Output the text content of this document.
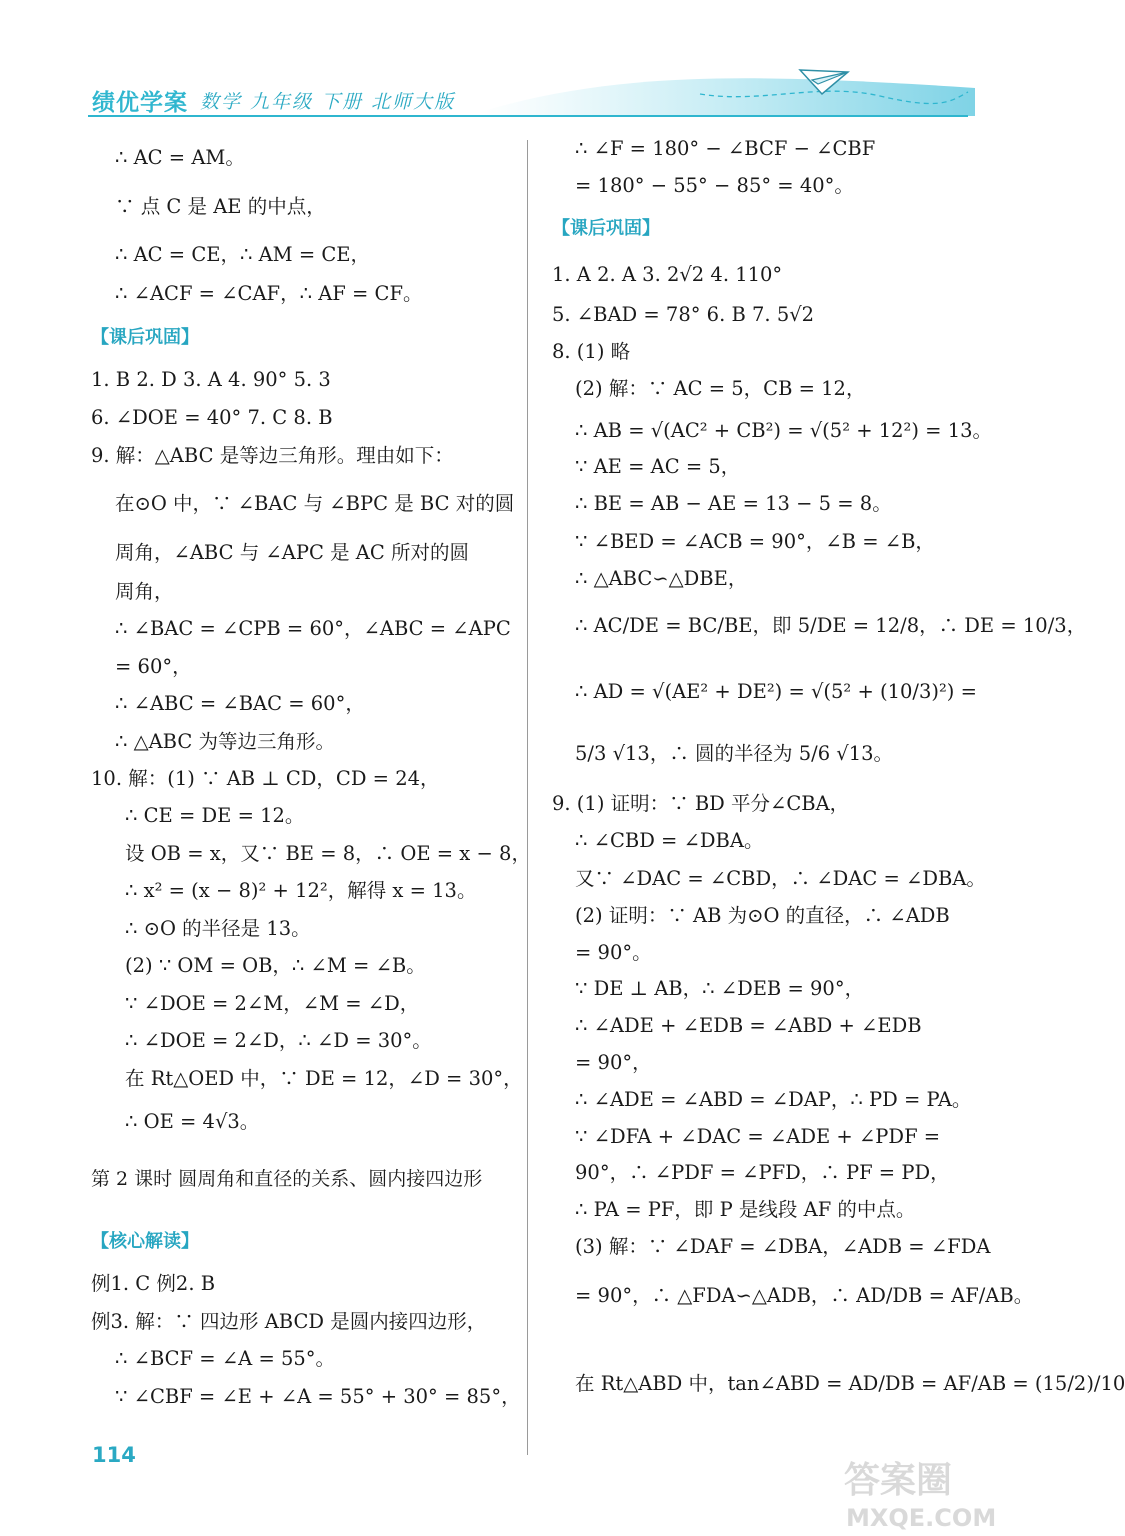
绩优学案 数学 九年级 下册 北师大版
∴ AC = AM。
∵ 点 C 是 AE 的中点，
∴ AC = CE，∴ AM = CE，
∴ ∠ACF = ∠CAF，∴ AF = CF。
【课后巩固】
1. B 2. D 3. A 4. 90° 5. 3
6. ∠DOE = 40° 7. C 8. B
9. 解：△ABC 是等边三角形。理由如下：
在⊙O 中，∵ ∠BAC 与 ∠BPC 是 BC 对的圆
周角，∠ABC 与 ∠APC 是 AC 所对的圆
周角，
∴ ∠BAC = ∠CPB = 60°，∠ABC = ∠APC
= 60°，
∴ ∠ABC = ∠BAC = 60°，
∴ △ABC 为等边三角形。
10. 解：(1) ∵ AB ⊥ CD，CD = 24，
∴ CE = DE = 12。
设 OB = x，又∵ BE = 8，∴ OE = x − 8，
∴ x² = (x − 8)² + 12²，解得 x = 13。
∴ ⊙O 的半径是 13。
(2) ∵ OM = OB，∴ ∠M = ∠B。
∵ ∠DOE = 2∠M，∠M = ∠D，
∴ ∠DOE = 2∠D，∴ ∠D = 30°。
在 Rt△OED 中，∵ DE = 12，∠D = 30°，
∴ OE = 4√3。
第 2 课时 圆周角和直径的关系、圆内接四边形
【核心解读】
例1. C 例2. B
例3. 解：∵ 四边形 ABCD 是圆内接四边形，
∴ ∠BCF = ∠A = 55°。
∵ ∠CBF = ∠E + ∠A = 55° + 30° = 85°，
∴ ∠F = 180° − ∠BCF − ∠CBF
= 180° − 55° − 85° = 40°。
【课后巩固】
1. A 2. A 3. 2√2 4. 110°
5. ∠BAD = 78° 6. B 7. 5√2
8. (1) 略
(2) 解：∵ AC = 5，CB = 12，
∴ AB = √(AC² + CB²) = √(5² + 12²) = 13。
∵ AE = AC = 5，
∴ BE = AB − AE = 13 − 5 = 8。
∵ ∠BED = ∠ACB = 90°，∠B = ∠B，
∴ △ABC∽△DBE，
∴ AC/DE = BC/BE，即 5/DE = 12/8，∴ DE = 10/3，
∴ AD = √(AE² + DE²) = √(5² + (10/3)²) =
5/3 √13，∴ 圆的半径为 5/6 √13。
9. (1) 证明：∵ BD 平分∠CBA，
∴ ∠CBD = ∠DBA。
又∵ ∠DAC = ∠CBD，∴ ∠DAC = ∠DBA。
(2) 证明：∵ AB 为⊙O 的直径，∴ ∠ADB
= 90°。
∵ DE ⊥ AB，∴ ∠DEB = 90°，
∴ ∠ADE + ∠EDB = ∠ABD + ∠EDB
= 90°，
∴ ∠ADE = ∠ABD = ∠DAP，∴ PD = PA。
∵ ∠DFA + ∠DAC = ∠ADE + ∠PDF =
90°，∴ ∠PDF = ∠PFD，∴ PF = PD，
∴ PA = PF，即 P 是线段 AF 的中点。
(3) 解：∵ ∠DAF = ∠DBA，∠ADB = ∠FDA
= 90°，∴ △FDA∽△ADB，∴ AD/DB = AF/AB。
在 Rt△ABD 中，tan∠ABD = AD/DB = AF/AB = (15/2)/10
114
答案圈
MXQE.COM
